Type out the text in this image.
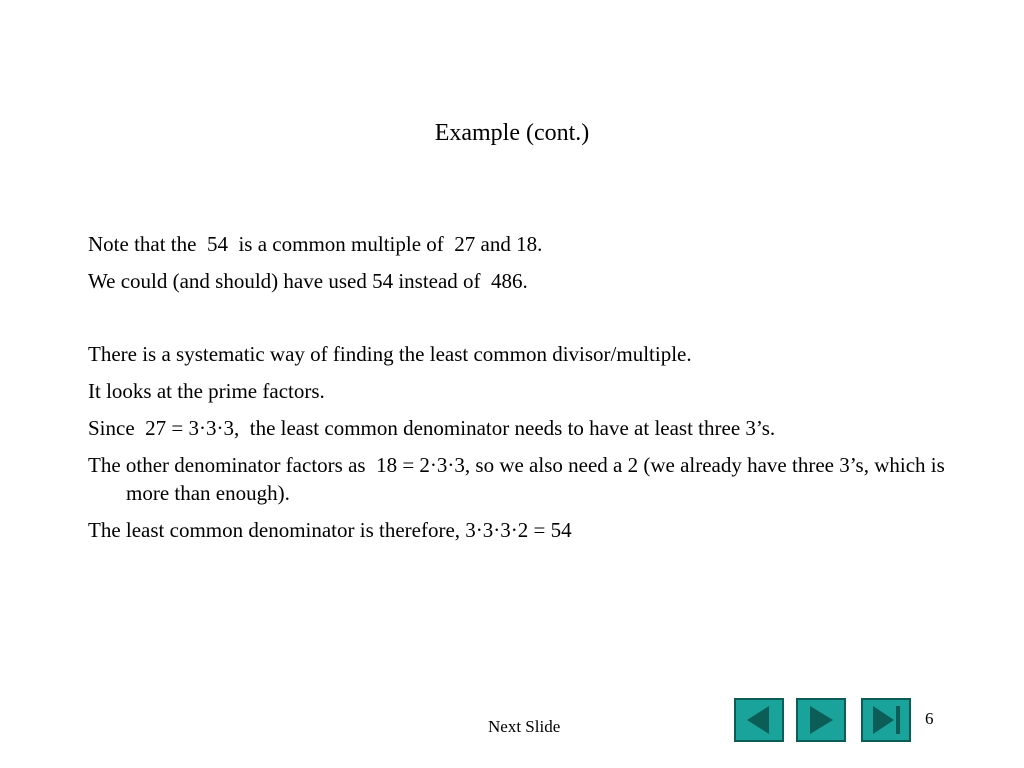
Example (cont.)

Note that the  54  is a common multiple of  27 and 18.

We could (and should) have used 54 instead of  486.

There is a systematic way of finding the least common divisor/multiple.

It looks at the prime factors.

Since  27 = 3·3·3,  the least common denominator needs to have at least three 3’s.

The other denominator factors as  18 = 2·3·3, so we also need a 2 (we already have three 3’s, which is more than enough).

The least common denominator is therefore, 3·3·3·2 = 54

Next Slide	6
